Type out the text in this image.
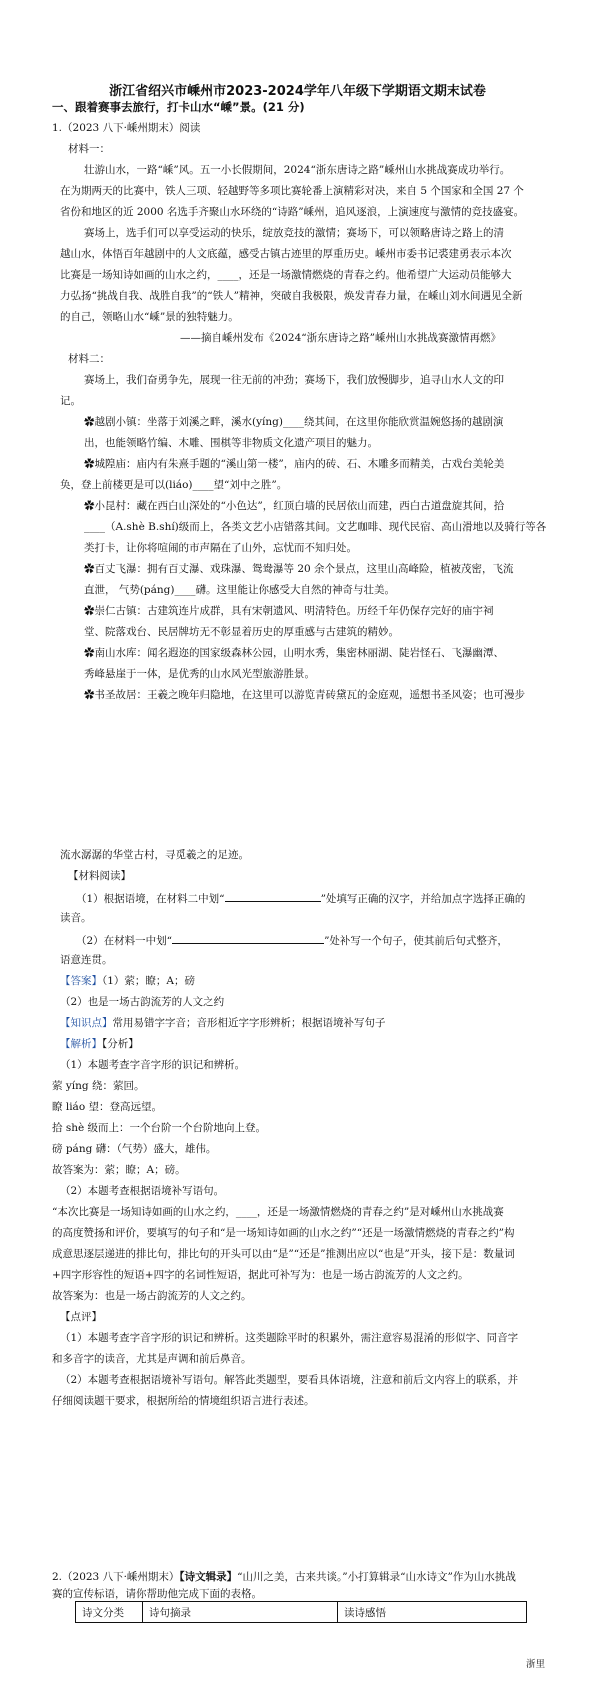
浙江省绍兴市嵊州市2023-2024学年八年级下学期语文期末试卷
一、跟着赛事去旅行，打卡山水“嵊”景。(21 分)
1.（2023 八下·嵊州期末）阅读
材料一：
壮游山水，一路“嵊”风。五一小长假期间，2024“浙东唐诗之路”嵊州山水挑战赛成功举行。
在为期两天的比赛中，铁人三项、轻越野等多项比赛轮番上演精彩对决，来自 5 个国家和全国 27 个
省份和地区的近 2000 名选手齐聚山水环绕的“诗路”嵊州，追风逐浪，上演速度与激情的竞技盛宴。
赛场上，选手们可以享受运动的快乐，绽放竞技的激情；赛场下，可以领略唐诗之路上的清
越山水，体悟百年越剧中的人文底蕴，感受古镇古迹里的厚重历史。嵊州市委书记裘建勇表示本次
比赛是一场知诗如画的山水之约，____，还是一场激情燃烧的青春之约。他希望广大运动员能够大
力弘扬“挑战自我、战胜自我”的“铁人”精神，突破自我极限，焕发青春力量，在嵊山刘水间遇见全新
的自己，领略山水“嵊”景的独特魅力。
——摘自嵊州发布《2024“浙东唐诗之路”嵊州山水挑战赛激情再燃》
材料二：
赛场上，我们奋勇争先，展现一往无前的冲劲；赛场下，我们放慢脚步，追寻山水人文的印
记。
✿越剧小镇：坐落于刘溪之畔，溪水(yíng)____绕其间，在这里你能欣赏温婉悠扬的越剧演
出，也能领略竹编、木雕、围棋等非物质文化遗产项目的魅力。
✿城隍庙：庙内有朱熹手题的“溪山第一楼”，庙内的砖、石、木雕多而精美，古戏台美轮美
奂，登上前楼更是可以(liáo)____望“刘中之胜”。
✿小昆村：藏在西白山深处的“小色达”，红顶白墙的民居依山而建，西白古道盘旋其间，拾
____（A.shè B.shí)级而上，各类文艺小店错落其间。文艺咖啡、现代民宿、高山滑地以及骑行等各
类打卡，让你将喧闹的市声隔在了山外，忘忧而不知归处。
✿百丈飞瀑：拥有百丈瀑、戏珠瀑、鸳鸯瀑等 20 余个景点，这里山高峰险，植被茂密，飞流
直泄， 气势(páng)____礴。这里能让你感受大自然的神奇与壮美。
✿崇仁古镇：古建筑连片成群，具有宋朝遗风、明清特色。历经千年仍保存完好的庙宇祠
堂、院落戏台、民居牌坊无不彰显着历史的厚重感与古建筑的精妙。
✿南山水库：闻名遐迩的国家级森林公园，山明水秀，集密林丽湖、陡岩怪石、飞瀑幽潭、
秀峰悬崖于一体，是优秀的山水风光型旅游胜景。
✿书圣故居：王羲之晚年归隐地，在这里可以游览青砖黛瓦的金庭观，遥想书圣风姿；也可漫步
流水潺潺的华堂古村，寻觅羲之的足迹。
【材料阅读】
（1）根据语境，在材料二中划“	”处填写正确的汉字，并给加点字选择正确的
读音。
（2）在材料一中划“	”处补写一个句子，使其前后句式整齐，
语意连贯。
【答案】（1）萦；瞭；A；磅
（2）也是一场古韵流芳的人文之约
【知识点】常用易错字字音；音形相近字字形辨析；根据语境补写句子
【解析】【分析】
（1）本题考查字音字形的识记和辨析。
萦 yíng 绕：萦回。
瞭 liáo 望：登高远望。
拾 shè 级而上：一个台阶一个台阶地向上登。
磅 páng 礴：（气势）盛大，雄伟。
故答案为：萦；瞭；A；磅。
（2）本题考查根据语境补写语句。
“本次比赛是一场知诗如画的山水之约，____，还是一场激情燃烧的青春之约”是对嵊州山水挑战赛
的高度赞扬和评价，要填写的句子和“是一场知诗如画的山水之约”“还是一场激情燃烧的青春之约”构
成意思逐层递进的排比句，排比句的开头可以由“是”“还是”推测出应以“也是”开头，接下是：数量词
+四字形容性的短语+四字的名词性短语，据此可补写为：也是一场古韵流芳的人文之约。
故答案为：也是一场古韵流芳的人文之约。
【点评】
（1）本题考查字音字形的识记和辨析。这类题除平时的积累外，需注意容易混淆的形似字、同音字
和多音字的读音，尤其是声调和前后鼻音。
（2）本题考查根据语境补写语句。解答此类题型，要看具体语境，注意和前后文内容上的联系，并
仔细阅读题干要求，根据所给的情境组织语言进行表述。
2.（2023 八下·嵊州期末）【诗文辑录】“山川之美，古来共谈。”小打算辑录“山水诗文”作为山水挑战
赛的宣传标语，请你帮助他完成下面的表格。
诗文分类	诗句摘录	读诗感悟
浙里
